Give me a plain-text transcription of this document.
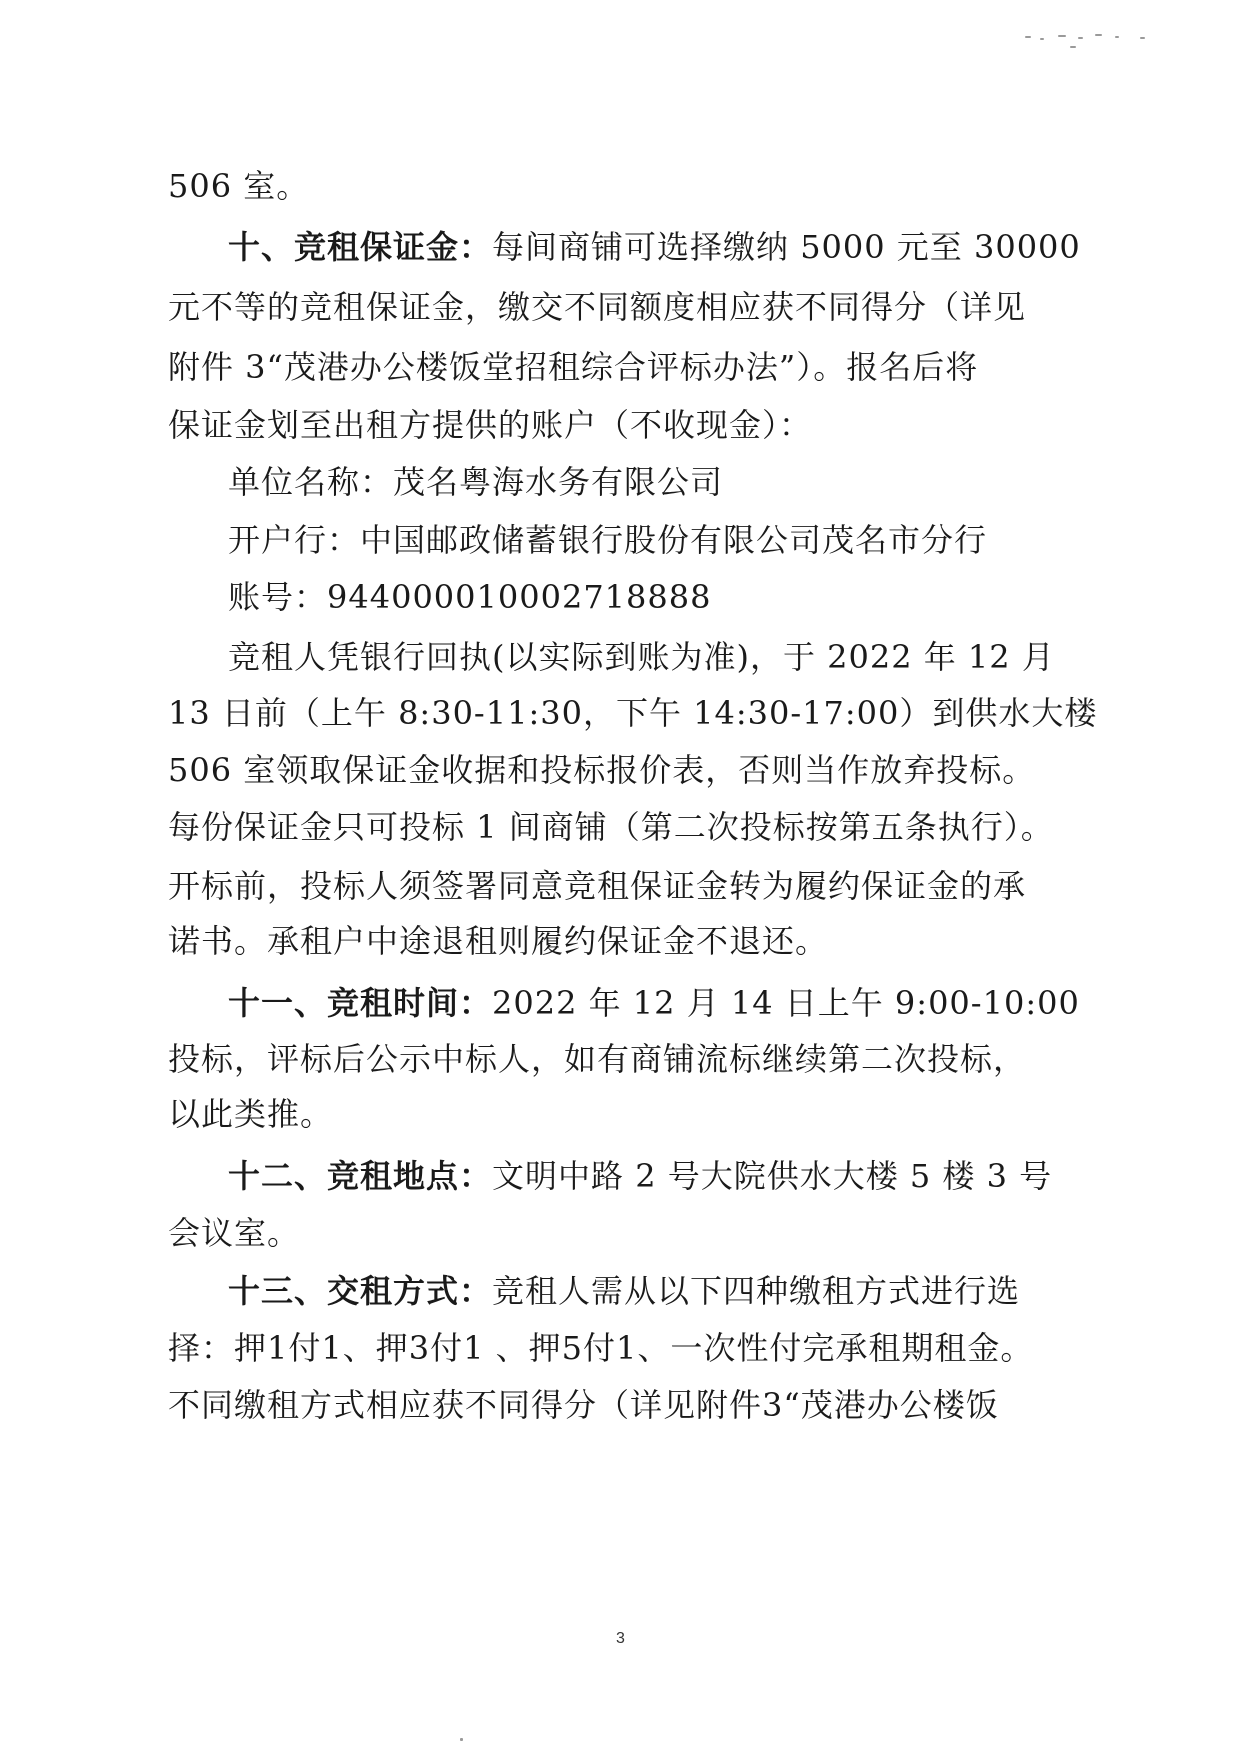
506 室。
十、竞租保证金：每间商铺可选择缴纳 5000 元至 30000
元不等的竞租保证金，缴交不同额度相应获不同得分（详见
附件 3“茂港办公楼饭堂招租综合评标办法”）。报名后将
保证金划至出租方提供的账户（不收现金）：
单位名称：茂名粤海水务有限公司
开户行：中国邮政储蓄银行股份有限公司茂名市分行
账号：944000010002718888
竞租人凭银行回执(以实际到账为准)，于 2022 年 12 月
13 日前（上午 8:30-11:30，下午 14:30-17:00）到供水大楼
506 室领取保证金收据和投标报价表，否则当作放弃投标。
每份保证金只可投标 1 间商铺（第二次投标按第五条执行）。
开标前，投标人须签署同意竞租保证金转为履约保证金的承
诺书。承租户中途退租则履约保证金不退还。
十一、竞租时间：2022 年 12 月 14 日上午 9:00-10:00
投标，评标后公示中标人，如有商铺流标继续第二次投标，
以此类推。
十二、竞租地点：文明中路 2 号大院供水大楼 5 楼 3 号
会议室。
十三、交租方式：竞租人需从以下四种缴租方式进行选
择：押1付1、押3付1 、押5付1、一次性付完承租期租金。
不同缴租方式相应获不同得分（详见附件3“茂港办公楼饭
3
